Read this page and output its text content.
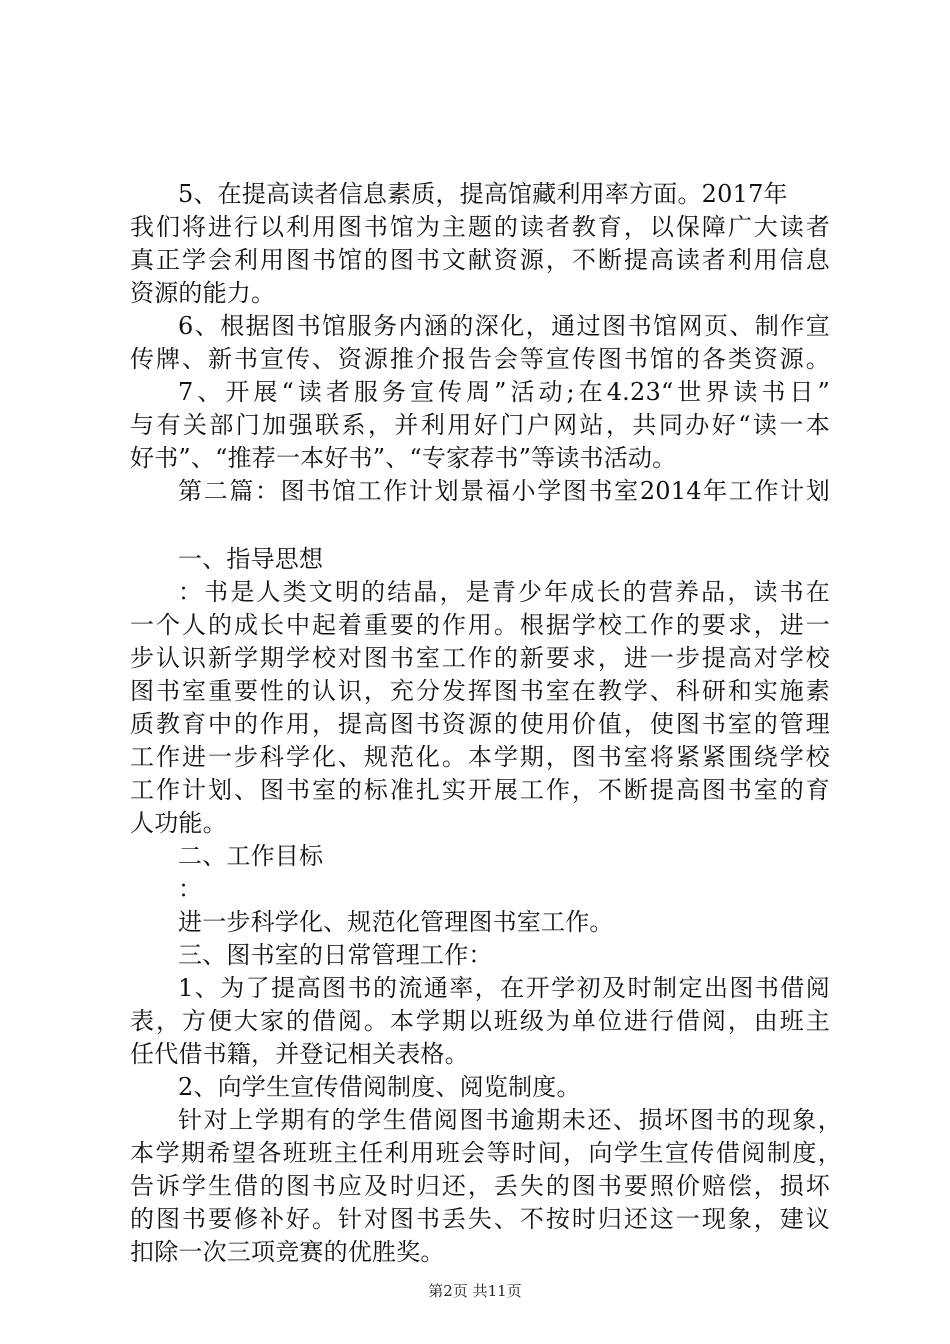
5、在提高读者信息素质，提高馆藏利用率方面。2017年
我们将进行以利用图书馆为主题的读者教育，以保障广大读者
真正学会利用图书馆的图书文献资源，不断提高读者利用信息
资源的能力。
6、根据图书馆服务内涵的深化，通过图书馆网页、制作宣
传牌、新书宣传、资源推介报告会等宣传图书馆的各类资源。
7、开展“读者服务宣传周”活动;在4.23“世界读书日”
与有关部门加强联系，并利用好门户网站，共同办好“读一本
好书”、“推荐一本好书”、“专家荐书”等读书活动。
第二篇：图书馆工作计划景福小学图书室2014年工作计划
一、指导思想
：书是人类文明的结晶，是青少年成长的营养品，读书在
一个人的成长中起着重要的作用。根据学校工作的要求，进一
步认识新学期学校对图书室工作的新要求，进一步提高对学校
图书室重要性的认识，充分发挥图书室在教学、科研和实施素
质教育中的作用，提高图书资源的使用价值，使图书室的管理
工作进一步科学化、规范化。本学期，图书室将紧紧围绕学校
工作计划、图书室的标准扎实开展工作，不断提高图书室的育
人功能。
二、工作目标
：
进一步科学化、规范化管理图书室工作。
三、图书室的日常管理工作：
1、为了提高图书的流通率，在开学初及时制定出图书借阅
表，方便大家的借阅。本学期以班级为单位进行借阅，由班主
任代借书籍，并登记相关表格。
2、向学生宣传借阅制度、阅览制度。
针对上学期有的学生借阅图书逾期未还、损坏图书的现象，
本学期希望各班班主任利用班会等时间，向学生宣传借阅制度，
告诉学生借的图书应及时归还，丢失的图书要照价赔偿，损坏
的图书要修补好。针对图书丢失、不按时归还这一现象，建议
扣除一次三项竞赛的优胜奖。
第2页 共11页
